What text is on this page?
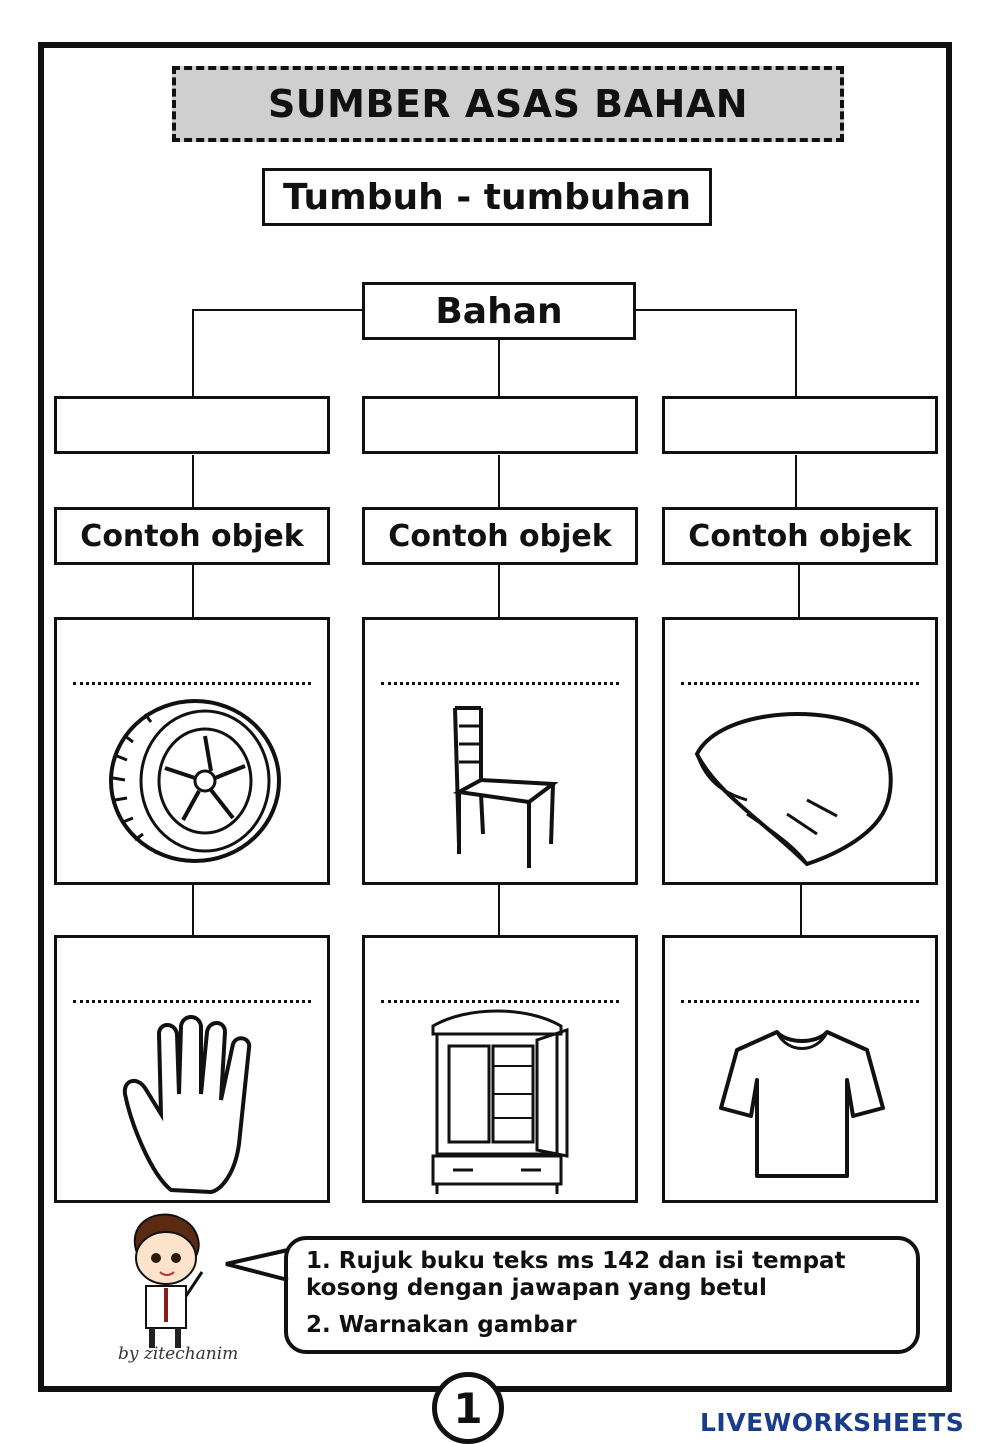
SUMBER ASAS BAHAN
Tumbuh - tumbuhan
Bahan
Contoh objek	Contoh objek	Contoh objek
by zitechanim

1. Rujuk buku teks ms 142 dan isi tempat kosong dengan jawapan yang betul

2. Warnakan gambar

1	LIVEWORKSHEETS
